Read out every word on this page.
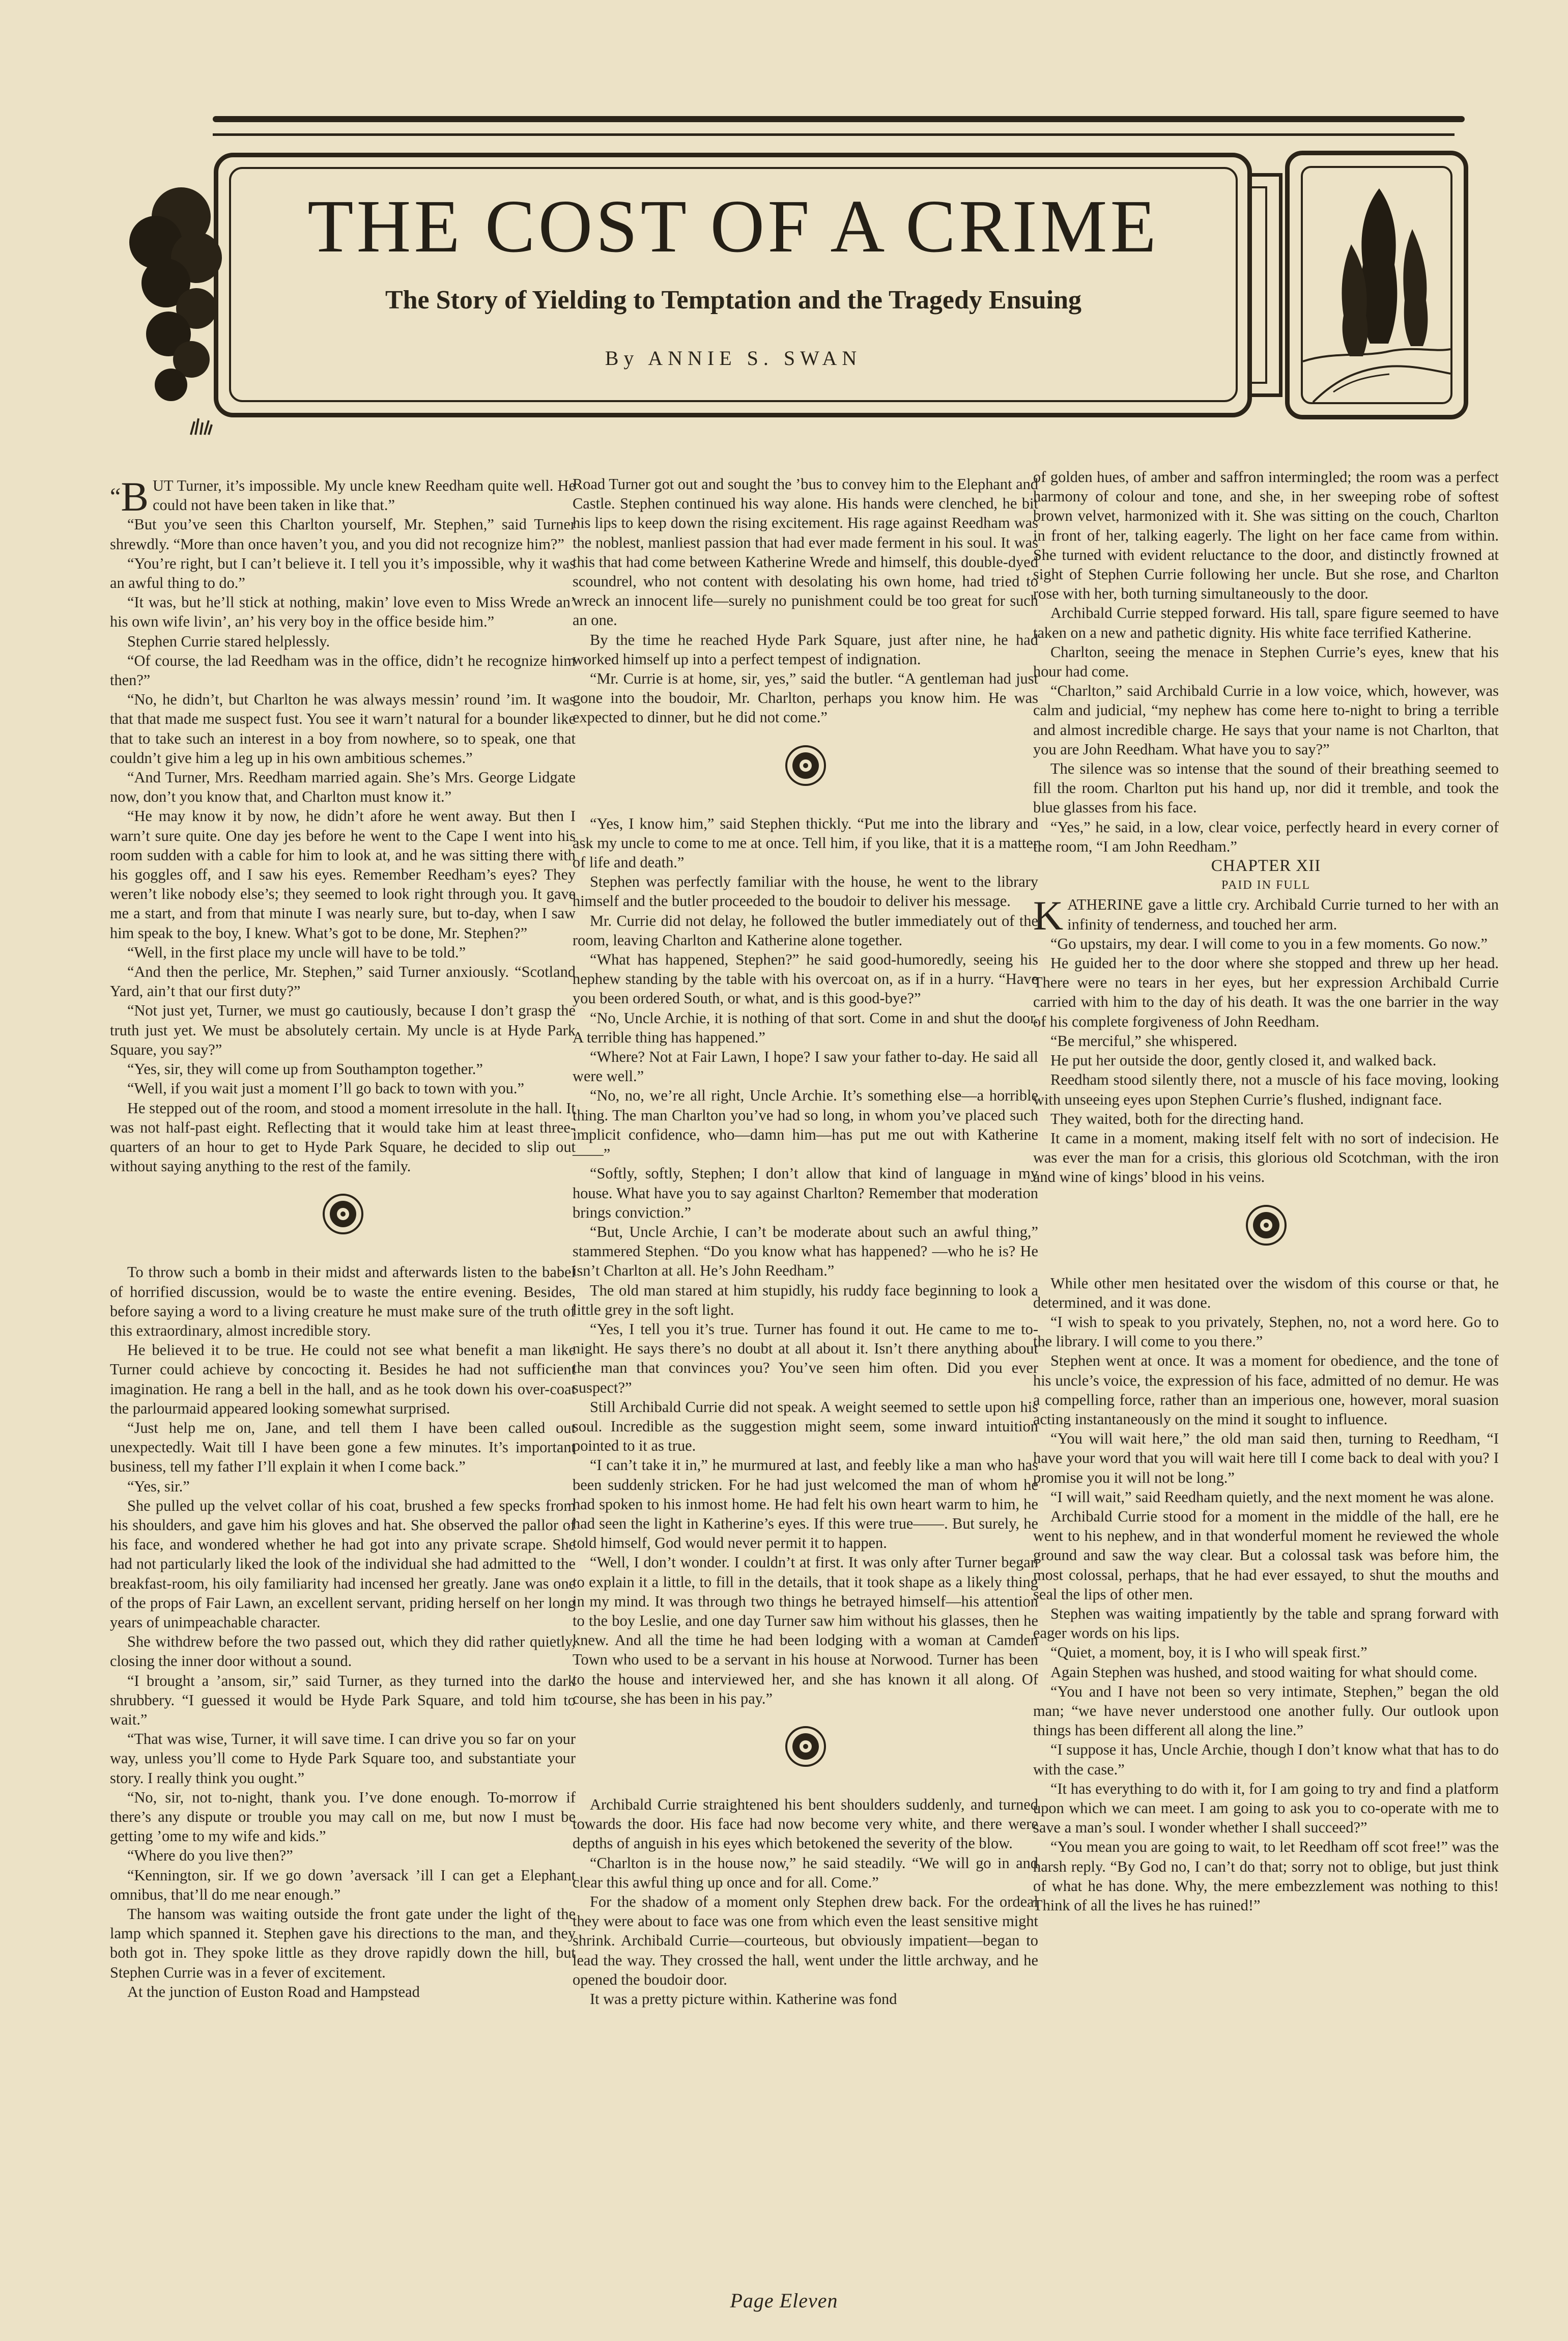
THE COST OF A CRIME
The Story of Yielding to Temptation and the Tragedy Ensuing

By ANNIE S. SWAN

“B UT Turner, it’s impossible. My uncle knew Reedham quite well. He could not have been taken in like that.”

“But you’ve seen this Charlton yourself, Mr. Stephen,” said Turner shrewdly. “More than once haven’t you, and you did not recognize him?”

“You’re right, but I can’t believe it. I tell you it’s impossible, why it was an awful thing to do.”

“It was, but he’ll stick at nothing, makin’ love even to Miss Wrede an’ his own wife livin’, an’ his very boy in the office beside him.”

Stephen Currie stared helplessly.

“Of course, the lad Reedham was in the office, didn’t he recognize him then?”

“No, he didn’t, but Charlton he was always messin’ round ’im. It was that that made me suspect fust. You see it warn’t natural for a bounder like that to take such an interest in a boy from nowhere, so to speak, one that couldn’t give him a leg up in his own ambitious schemes.”

“And Turner, Mrs. Reedham married again. She’s Mrs. George Lidgate now, don’t you know that, and Charlton must know it.”

“He may know it by now, he didn’t afore he went away. But then I warn’t sure quite. One day jes before he went to the Cape I went into his room sudden with a cable for him to look at, and he was sitting there with his goggles off, and I saw his eyes. Remember Reedham’s eyes? They weren’t like nobody else’s; they seemed to look right through you. It gave me a start, and from that minute I was nearly sure, but to-day, when I saw him speak to the boy, I knew. What’s got to be done, Mr. Stephen?”

“Well, in the first place my uncle will have to be told.”

“And then the perlice, Mr. Stephen,” said Turner anxiously. “Scotland Yard, ain’t that our first duty?”

“Not just yet, Turner, we must go cautiously, because I don’t grasp the truth just yet. We must be absolutely certain. My uncle is at Hyde Park Square, you say?”

“Yes, sir, they will come up from Southampton together.”

“Well, if you wait just a moment I’ll go back to town with you.”

He stepped out of the room, and stood a moment irresolute in the hall. It was not half-past eight. Reflecting that it would take him at least three-quarters of an hour to get to Hyde Park Square, he decided to slip out without saying anything to the rest of the family.

To throw such a bomb in their midst and afterwards listen to the babel of horrified discussion, would be to waste the entire evening. Besides, before saying a word to a living creature he must make sure of the truth of this extraordinary, almost incredible story.

He believed it to be true. He could not see what benefit a man like Turner could achieve by concocting it. Besides he had not sufficient imagination. He rang a bell in the hall, and as he took down his over-coat the parlourmaid appeared looking somewhat surprised.

“Just help me on, Jane, and tell them I have been called out unexpectedly. Wait till I have been gone a few minutes. It’s important business, tell my father I’ll explain it when I come back.”

“Yes, sir.”

She pulled up the velvet collar of his coat, brushed a few specks from his shoulders, and gave him his gloves and hat. She observed the pallor of his face, and wondered whether he had got into any private scrape. She had not particularly liked the look of the individual she had admitted to the breakfast-room, his oily familiarity had incensed her greatly. Jane was one of the props of Fair Lawn, an excellent servant, priding herself on her long years of unimpeachable character.

She withdrew before the two passed out, which they did rather quietly, closing the inner door without a sound.

“I brought a ’ansom, sir,” said Turner, as they turned into the dark shrubbery. “I guessed it would be Hyde Park Square, and told him to wait.”

“That was wise, Turner, it will save time. I can drive you so far on your way, unless you’ll come to Hyde Park Square too, and substantiate your story. I really think you ought.”

“No, sir, not to-night, thank you. I’ve done enough. To-morrow if there’s any dispute or trouble you may call on me, but now I must be getting ’ome to my wife and kids.”

“Where do you live then?”

“Kennington, sir. If we go down ’aversack ’ill I can get a Elephant omnibus, that’ll do me near enough.”

The hansom was waiting outside the front gate under the light of the lamp which spanned it. Stephen gave his directions to the man, and they both got in. They spoke little as they drove rapidly down the hill, but Stephen Currie was in a fever of excitement.

At the junction of Euston Road and Hampstead

Road Turner got out and sought the ’bus to convey him to the Elephant and Castle. Stephen continued his way alone. His hands were clenched, he bit his lips to keep down the rising excitement. His rage against Reedham was the noblest, manliest passion that had ever made ferment in his soul. It was this that had come between Katherine Wrede and himself, this double-dyed scoundrel, who not content with desolating his own home, had tried to wreck an innocent life—surely no punishment could be too great for such an one.

By the time he reached Hyde Park Square, just after nine, he had worked himself up into a perfect tempest of indignation.

“Mr. Currie is at home, sir, yes,” said the butler. “A gentleman had just gone into the boudoir, Mr. Charlton, perhaps you know him. He was expected to dinner, but he did not come.”

“Yes, I know him,” said Stephen thickly. “Put me into the library and ask my uncle to come to me at once. Tell him, if you like, that it is a matter of life and death.”

Stephen was perfectly familiar with the house, he went to the library himself and the butler proceeded to the boudoir to deliver his message.

Mr. Currie did not delay, he followed the butler immediately out of the room, leaving Charlton and Katherine alone together.

“What has happened, Stephen?” he said good-humoredly, seeing his nephew standing by the table with his overcoat on, as if in a hurry. “Have you been ordered South, or what, and is this good-bye?”

“No, Uncle Archie, it is nothing of that sort. Come in and shut the door. A terrible thing has happened.”

“Where? Not at Fair Lawn, I hope? I saw your father to-day. He said all were well.”

“No, no, we’re all right, Uncle Archie. It’s something else—a horrible thing. The man Charlton you’ve had so long, in whom you’ve placed such implicit confidence, who—damn him—has put me out with Katherine——”

“Softly, softly, Stephen; I don’t allow that kind of language in my house. What have you to say against Charlton? Remember that moderation brings conviction.”

“But, Uncle Archie, I can’t be moderate about such an awful thing,” stammered Stephen. “Do you know what has happened? —who he is? He isn’t Charlton at all. He’s John Reedham.”

The old man stared at him stupidly, his ruddy face beginning to look a little grey in the soft light.

“Yes, I tell you it’s true. Turner has found it out. He came to me to-night. He says there’s no doubt at all about it. Isn’t there anything about the man that convinces you? You’ve seen him often. Did you ever suspect?”

Still Archibald Currie did not speak. A weight seemed to settle upon his soul. Incredible as the suggestion might seem, some inward intuition pointed to it as true.

“I can’t take it in,” he murmured at last, and feebly like a man who has been suddenly stricken. For he had just welcomed the man of whom he had spoken to his inmost home. He had felt his own heart warm to him, he had seen the light in Katherine’s eyes. If this were true——. But surely, he told himself, God would never permit it to happen.

“Well, I don’t wonder. I couldn’t at first. It was only after Turner began to explain it a little, to fill in the details, that it took shape as a likely thing in my mind. It was through two things he betrayed himself—his attention to the boy Leslie, and one day Turner saw him without his glasses, then he knew. And all the time he had been lodging with a woman at Camden Town who used to be a servant in his house at Norwood. Turner has been to the house and interviewed her, and she has known it all along. Of course, she has been in his pay.”

Archibald Currie straightened his bent shoulders suddenly, and turned towards the door. His face had now become very white, and there were depths of anguish in his eyes which betokened the severity of the blow.

“Charlton is in the house now,” he said steadily. “We will go in and clear this awful thing up once and for all. Come.”

For the shadow of a moment only Stephen drew back. For the ordeal they were about to face was one from which even the least sensitive might shrink. Archibald Currie—courteous, but obviously impatient—began to lead the way. They crossed the hall, went under the little archway, and he opened the boudoir door.

It was a pretty picture within. Katherine was fond

of golden hues, of amber and saffron intermingled; the room was a perfect harmony of colour and tone, and she, in her sweeping robe of softest brown velvet, harmonized with it. She was sitting on the couch, Charlton in front of her, talking eagerly. The light on her face came from within. She turned with evident reluctance to the door, and distinctly frowned at sight of Stephen Currie following her uncle. But she rose, and Charlton rose with her, both turning simultaneously to the door.

Archibald Currie stepped forward. His tall, spare figure seemed to have taken on a new and pathetic dignity. His white face terrified Katherine.

Charlton, seeing the menace in Stephen Currie’s eyes, knew that his hour had come.

“Charlton,” said Archibald Currie in a low voice, which, however, was calm and judicial, “my nephew has come here to-night to bring a terrible and almost incredible charge. He says that your name is not Charlton, that you are John Reedham. What have you to say?”

The silence was so intense that the sound of their breathing seemed to fill the room. Charlton put his hand up, nor did it tremble, and took the blue glasses from his face.

“Yes,” he said, in a low, clear voice, perfectly heard in every corner of the room, “I am John Reedham.”

CHAPTER XII

PAID IN FULL

KATHERINE gave a little cry. Archibald Currie turned to her with an infinity of tenderness, and touched her arm.

“Go upstairs, my dear. I will come to you in a few moments. Go now.”

He guided her to the door where she stopped and threw up her head. There were no tears in her eyes, but her expression Archibald Currie carried with him to the day of his death. It was the one barrier in the way of his complete forgiveness of John Reedham.

“Be merciful,” she whispered.

He put her outside the door, gently closed it, and walked back.

Reedham stood silently there, not a muscle of his face moving, looking with unseeing eyes upon Stephen Currie’s flushed, indignant face.

They waited, both for the directing hand.

It came in a moment, making itself felt with no sort of indecision. He was ever the man for a crisis, this glorious old Scotchman, with the iron and wine of kings’ blood in his veins.

While other men hesitated over the wisdom of this course or that, he determined, and it was done.

“I wish to speak to you privately, Stephen, no, not a word here. Go to the library. I will come to you there.”

Stephen went at once. It was a moment for obedience, and the tone of his uncle’s voice, the expression of his face, admitted of no demur. He was a compelling force, rather than an imperious one, however, moral suasion acting instantaneously on the mind it sought to influence.

“You will wait here,” the old man said then, turning to Reedham, “I have your word that you will wait here till I come back to deal with you? I promise you it will not be long.”

“I will wait,” said Reedham quietly, and the next moment he was alone.

Archibald Currie stood for a moment in the middle of the hall, ere he went to his nephew, and in that wonderful moment he reviewed the whole ground and saw the way clear. But a colossal task was before him, the most colossal, perhaps, that he had ever essayed, to shut the mouths and seal the lips of other men.

Stephen was waiting impatiently by the table and sprang forward with eager words on his lips.

“Quiet, a moment, boy, it is I who will speak first.”

Again Stephen was hushed, and stood waiting for what should come.

“You and I have not been so very intimate, Stephen,” began the old man; “we have never understood one another fully. Our outlook upon things has been different all along the line.”

“I suppose it has, Uncle Archie, though I don’t know what that has to do with the case.”

“It has everything to do with it, for I am going to try and find a platform upon which we can meet. I am going to ask you to co-operate with me to save a man’s soul. I wonder whether I shall succeed?”

“You mean you are going to wait, to let Reedham off scot free!” was the harsh reply. “By God no, I can’t do that; sorry not to oblige, but just think of what he has done. Why, the mere embezzlement was nothing to this! Think of all the lives he has ruined!”

Page Eleven
